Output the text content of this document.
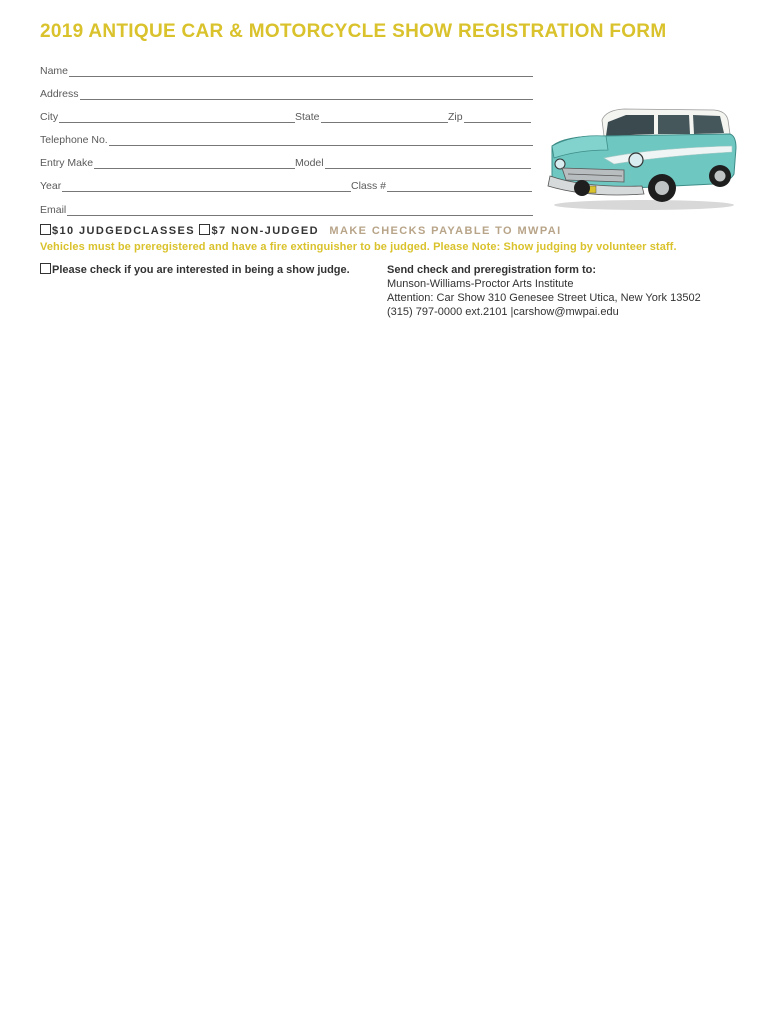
2019 ANTIQUE CAR & MOTORCYCLE SHOW REGISTRATION FORM
Name
Address
City	State	Zip
Telephone No.
Entry Make	Model
Year	Class #
Email
$10 JUDGEDCLASSES $7 NON-JUDGED MAKE CHECKS PAYABLE TO MWPAI
Vehicles must be preregistered and have a fire extinguisher to be judged. Please Note: Show judging by volunteer staff.
Please check if you are interested in being a show judge.	Send check and preregistration form to:
Munson-Williams-Proctor Arts Institute
Attention: Car Show 310 Genesee Street Utica, New York 13502
(315) 797-0000 ext.2101 |carshow@mwpai.edu
